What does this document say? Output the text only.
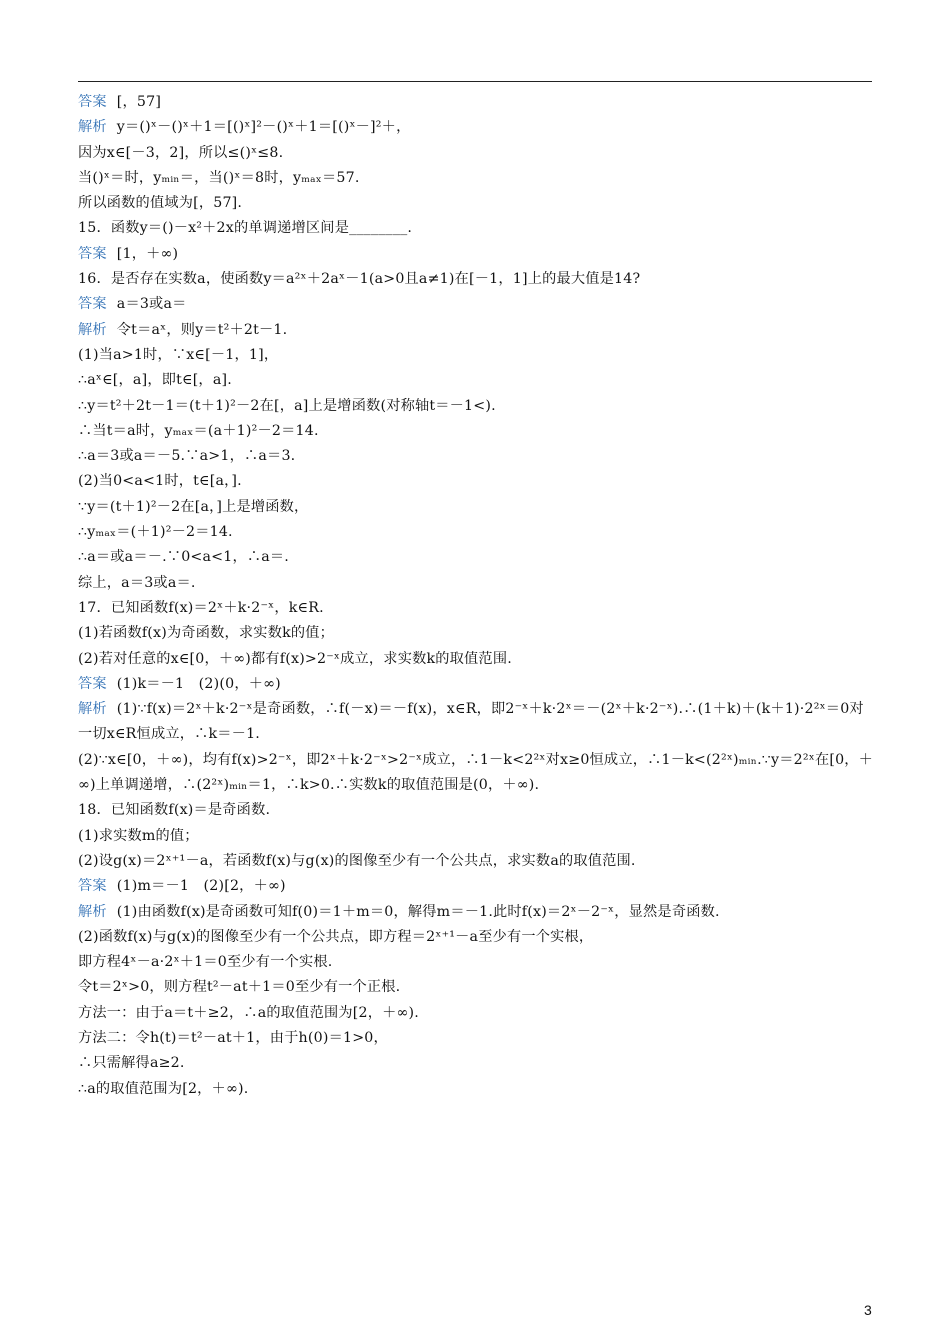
答案 [，57]
解析 y＝()ˣ－()ˣ＋1＝[()ˣ]²－()ˣ＋1＝[()ˣ－]²＋，
因为x∈[－3，2]，所以≤()ˣ≤8.
当()ˣ＝时，yₘᵢₙ＝，当()ˣ＝8时，yₘₐₓ＝57.
所以函数的值域为[，57].
15．函数y＝()－x²＋2x的单调递增区间是________.
答案 [1，＋∞)
16．是否存在实数a，使函数y＝a²ˣ＋2aˣ－1(a>0且a≠1)在[－1，1]上的最大值是14?
答案 a＝3或a＝
解析 令t＝aˣ，则y＝t²＋2t－1.
(1)当a>1时，∵x∈[－1，1]，
∴aˣ∈[，a]，即t∈[，a].
∴y＝t²＋2t－1＝(t＋1)²－2在[，a]上是增函数(对称轴t＝－1<).
∴当t＝a时，yₘₐₓ＝(a＋1)²－2＝14.
∴a＝3或a＝－5.∵a>1，∴a＝3.
(2)当0<a<1时，t∈[a，].
∵y＝(t＋1)²－2在[a，]上是增函数，
∴yₘₐₓ＝(＋1)²－2＝14.
∴a＝或a＝－.∵0<a<1，∴a＝.
综上，a＝3或a＝.
17．已知函数f(x)＝2ˣ＋k·2⁻ˣ，k∈R.
(1)若函数f(x)为奇函数，求实数k的值；
(2)若对任意的x∈[0，＋∞)都有f(x)>2⁻ˣ成立，求实数k的取值范围.
答案 (1)k＝－1　(2)(0，＋∞)
解析 (1)∵f(x)＝2ˣ＋k·2⁻ˣ是奇函数，∴f(－x)＝－f(x)，x∈R，即2⁻ˣ＋k·2ˣ＝－(2ˣ＋k·2⁻ˣ).∴(1＋k)＋(k＋1)·2²ˣ＝0对一切x∈R恒成立，∴k＝－1.
(2)∵x∈[0，＋∞)，均有f(x)>2⁻ˣ，即2ˣ＋k·2⁻ˣ>2⁻ˣ成立，∴1－k<2²ˣ对x≥0恒成立，∴1－k<(2²ˣ)ₘᵢₙ.∵y＝2²ˣ在[0，＋∞)上单调递增，∴(2²ˣ)ₘᵢₙ＝1，∴k>0.∴实数k的取值范围是(0，＋∞).
18．已知函数f(x)＝是奇函数.
(1)求实数m的值；
(2)设g(x)＝2ˣ⁺¹－a，若函数f(x)与g(x)的图像至少有一个公共点，求实数a的取值范围.
答案 (1)m＝－1　(2)[2，＋∞)
解析 (1)由函数f(x)是奇函数可知f(0)＝1＋m＝0，解得m＝－1.此时f(x)＝2ˣ－2⁻ˣ，显然是奇函数.
(2)函数f(x)与g(x)的图像至少有一个公共点，即方程＝2ˣ⁺¹－a至少有一个实根，
即方程4ˣ－a·2ˣ＋1＝0至少有一个实根.
令t＝2ˣ>0，则方程t²－at＋1＝0至少有一个正根.
方法一：由于a＝t＋≥2，∴a的取值范围为[2，＋∞).
方法二：令h(t)＝t²－at＋1，由于h(0)＝1>0，
∴只需解得a≥2.
∴a的取值范围为[2，＋∞).
3
